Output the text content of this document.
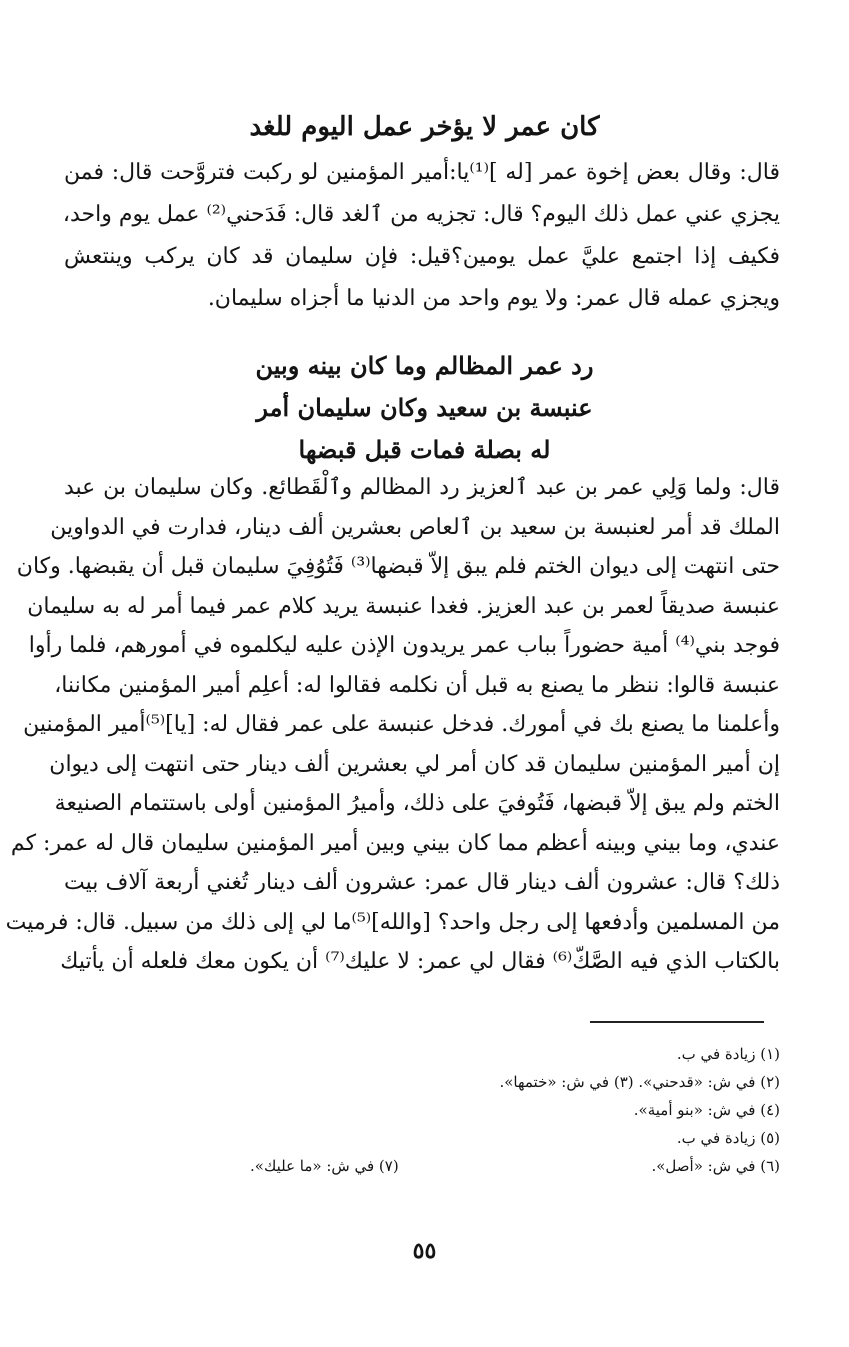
كان عمر لا يؤخر عمل اليوم للغد
قال: وقال بعض إخوة عمر [له ]⁽¹⁾يا:أمير المؤمنين لو ركبت فتروَّحت قال: فمن
يجزي عني عمل ذلك اليوم؟ قال: تجزيه من ٱلغد قال: فَدَحني⁽²⁾ عمل يوم واحد،
فكيف إذا اجتمع عليَّ عمل يومين؟قيل: فإن سليمان قد كان يركب وينتعش
ويجزي عمله قال عمر: ولا يوم واحد من الدنيا ما أجزاه سليمان.
رد عمر المظالم وما كان بينه وبين
عنبسة بن سعيد وكان سليمان أمر
له بصلة فمات قبل قبضها
قال: ولما وَلِي عمر بن عبد ٱلعزيز رد المظالم وٱلْقَطائع. وكان سليمان بن عبد
الملك قد أمر لعنبسة بن سعيد بن ٱلعاص بعشرين ألف دينار، فدارت في الدواوين
حتى انتهت إلى ديوان الختم فلم يبق إلاّ قبضها⁽³⁾ فَتُوُفِيَ سليمان قبل أن يقبضها. وكان
عنبسة صديقاً لعمر بن عبد العزيز. فغدا عنبسة يريد كلام عمر فيما أمر له به سليمان
فوجد بني⁽⁴⁾ أمية حضوراً بباب عمر يريدون الإذن عليه ليكلموه في أمورهم، فلما رأوا
عنبسة قالوا: ننظر ما يصنع به قبل أن نكلمه فقالوا له: أعلِم أمير المؤمنين مكاننا،
وأعلمنا ما يصنع بك في أمورك. فدخل عنبسة على عمر فقال له: [يا]⁽⁵⁾أمير المؤمنين
إن أمير المؤمنين سليمان قد كان أمر لي بعشرين ألف دينار حتى انتهت إلى ديوان
الختم ولم يبق إلاّ قبضها، فَتُوفيَ على ذلك، وأميرُ المؤمنين أولى باستتمام الصنيعة
عندي، وما بيني وبينه أعظم مما كان بيني وبين أمير المؤمنين سليمان قال له عمر: كم
ذلك؟ قال: عشرون ألف دينار قال عمر: عشرون ألف دينار تُغني أربعة آلاف بيت
من المسلمين وأدفعها إلى رجل واحد؟ [والله]⁽⁵⁾ما لي إلى ذلك من سبيل. قال: فرميت
بالكتاب الذي فيه الصَّكّ⁽⁶⁾ فقال لي عمر: لا عليك⁽⁷⁾ أن يكون معك فلعله أن يأتيك
(١) زيادة في ب.
(٢) في ش: «قدحني». (٣) في ش: «ختمها».
(٤) في ش: «بنو أمية».
(٥) زيادة في ب.
(٦) في ش: «أصل».
(٧) في ش: «ما عليك».
٥٥
